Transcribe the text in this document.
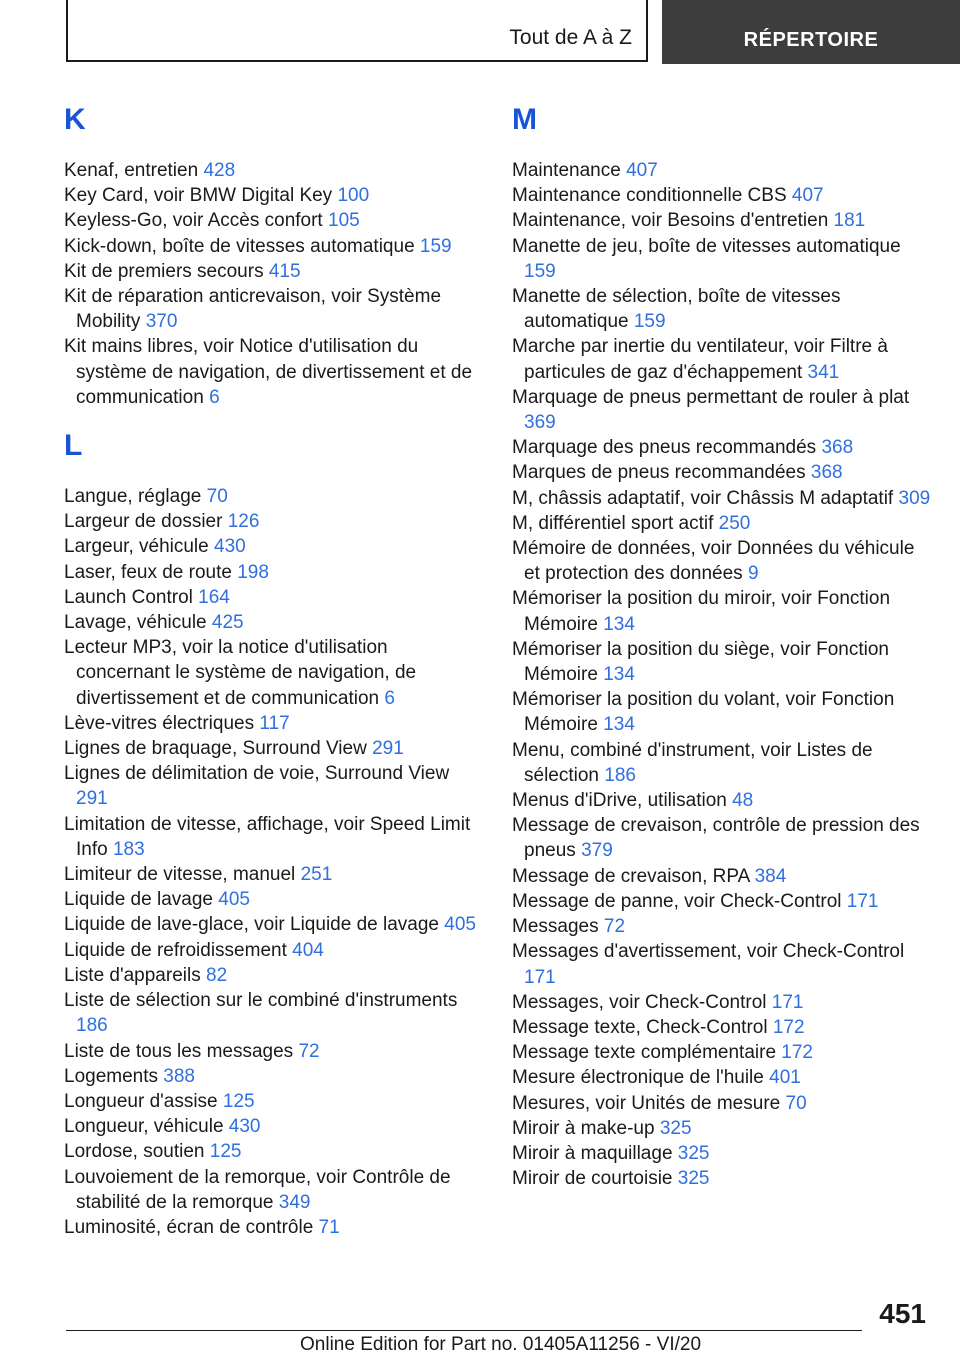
Tout de A à Z	RÉPERTOIRE
K
Kenaf, entretien 428
Key Card, voir BMW Digital Key 100
Keyless-Go, voir Accès confort 105
Kick-down, boîte de vitesses automatique 159
Kit de premiers secours 415
Kit de réparation anticrevaison, voir Système Mobility 370
Kit mains libres, voir Notice d'utilisation du système de navigation, de divertissement et de communication 6
L
Langue, réglage 70
Largeur de dossier 126
Largeur, véhicule 430
Laser, feux de route 198
Launch Control 164
Lavage, véhicule 425
Lecteur MP3, voir la notice d'utilisation concernant le système de navigation, de divertissement et de communication 6
Lève-vitres électriques 117
Lignes de braquage, Surround View 291
Lignes de délimitation de voie, Surround View 291
Limitation de vitesse, affichage, voir Speed Limit Info 183
Limiteur de vitesse, manuel 251
Liquide de lavage 405
Liquide de lave-glace, voir Liquide de lavage 405
Liquide de refroidissement 404
Liste d'appareils 82
Liste de sélection sur le combiné d'instruments 186
Liste de tous les messages 72
Logements 388
Longueur d'assise 125
Longueur, véhicule 430
Lordose, soutien 125
Louvoiement de la remorque, voir Contrôle de stabilité de la remorque 349
Luminosité, écran de contrôle 71
M
Maintenance 407
Maintenance conditionnelle CBS 407
Maintenance, voir Besoins d'entretien 181
Manette de jeu, boîte de vitesses automatique 159
Manette de sélection, boîte de vitesses automatique 159
Marche par inertie du ventilateur, voir Filtre à particules de gaz d'échappement 341
Marquage de pneus permettant de rouler à plat 369
Marquage des pneus recommandés 368
Marques de pneus recommandées 368
M, châssis adaptatif, voir Châssis M adaptatif 309
M, différentiel sport actif 250
Mémoire de données, voir Données du véhicule et protection des données 9
Mémoriser la position du miroir, voir Fonction Mémoire 134
Mémoriser la position du siège, voir Fonction Mémoire 134
Mémoriser la position du volant, voir Fonction Mémoire 134
Menu, combiné d'instrument, voir Listes de sélection 186
Menus d'iDrive, utilisation 48
Message de crevaison, contrôle de pression des pneus 379
Message de crevaison, RPA 384
Message de panne, voir Check-Control 171
Messages 72
Messages d'avertissement, voir Check-Control 171
Messages, voir Check-Control 171
Message texte, Check-Control 172
Message texte complémentaire 172
Mesure électronique de l'huile 401
Mesures, voir Unités de mesure 70
Miroir à make-up 325
Miroir à maquillage 325
Miroir de courtoisie 325
451
Online Edition for Part no. 01405A11256 - VI/20
